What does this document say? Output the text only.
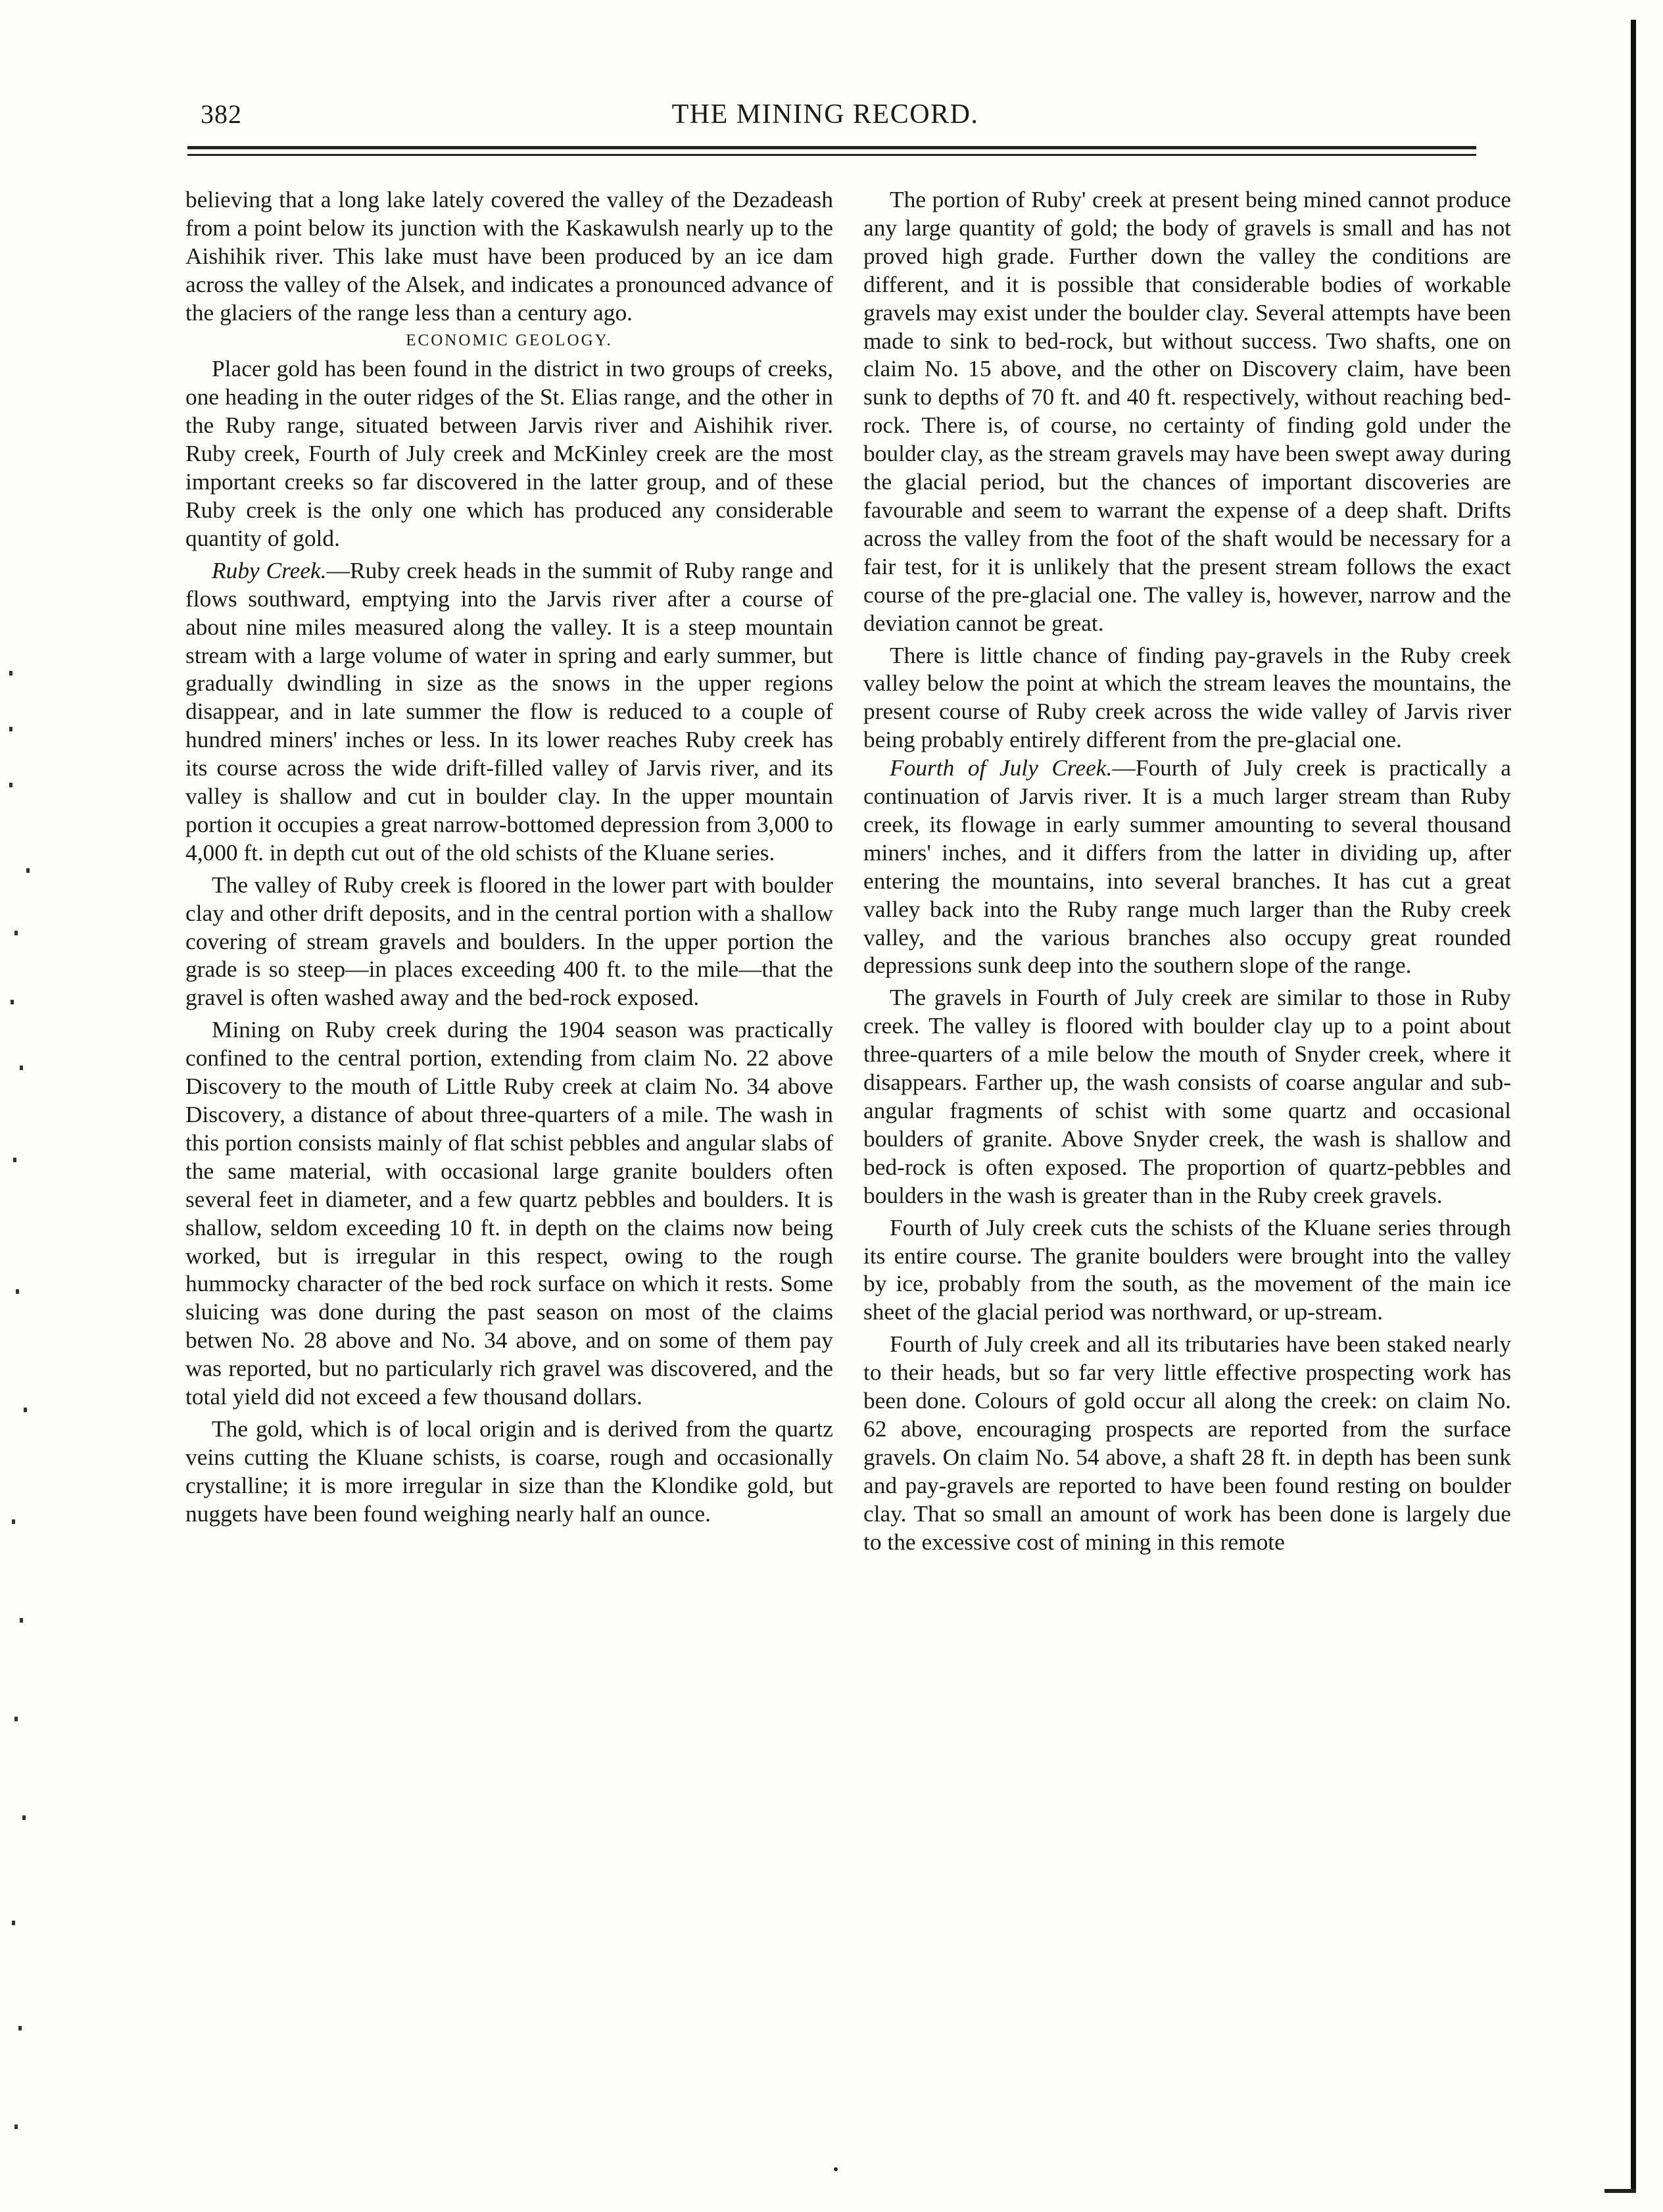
382	THE MINING RECORD.

believing that a long lake lately covered the valley of the Dezadeash from a point below its junction with the Kaskawulsh nearly up to the Aishihik river. This lake must have been produced by an ice dam across the valley of the Alsek, and indicates a pronounced advance of the glaciers of the range less than a century ago.

ECONOMIC GEOLOGY.

Placer gold has been found in the district in two groups of creeks, one heading in the outer ridges of the St. Elias range, and the other in the Ruby range, situated between Jarvis river and Aishihik river. Ruby creek, Fourth of July creek and McKinley creek are the most important creeks so far discovered in the latter group, and of these Ruby creek is the only one which has produced any considerable quantity of gold.

Ruby Creek.—Ruby creek heads in the summit of Ruby range and flows southward, emptying into the Jarvis river after a course of about nine miles measured along the valley. It is a steep mountain stream with a large volume of water in spring and early summer, but gradually dwindling in size as the snows in the upper regions disappear, and in late summer the flow is reduced to a couple of hundred miners' inches or less. In its lower reaches Ruby creek has its course across the wide drift-filled valley of Jarvis river, and its valley is shallow and cut in boulder clay. In the upper mountain portion it occupies a great narrow-bottomed depression from 3,000 to 4,000 ft. in depth cut out of the old schists of the Kluane series.

The valley of Ruby creek is floored in the lower part with boulder clay and other drift deposits, and in the central portion with a shallow covering of stream gravels and boulders. In the upper portion the grade is so steep—in places exceeding 400 ft. to the mile—that the gravel is often washed away and the bed-rock exposed.

Mining on Ruby creek during the 1904 season was practically confined to the central portion, extending from claim No. 22 above Discovery to the mouth of Little Ruby creek at claim No. 34 above Discovery, a distance of about three-quarters of a mile. The wash in this portion consists mainly of flat schist pebbles and angular slabs of the same material, with occasional large granite boulders often several feet in diameter, and a few quartz pebbles and boulders. It is shallow, seldom exceeding 10 ft. in depth on the claims now being worked, but is irregular in this respect, owing to the rough hummocky character of the bed rock surface on which it rests. Some sluicing was done during the past season on most of the claims betwen No. 28 above and No. 34 above, and on some of them pay was reported, but no particularly rich gravel was discovered, and the total yield did not exceed a few thousand dollars.

The gold, which is of local origin and is derived from the quartz veins cutting the Kluane schists, is coarse, rough and occasionally crystalline; it is more irregular in size than the Klondike gold, but nuggets have been found weighing nearly half an ounce.

The portion of Ruby' creek at present being mined cannot produce any large quantity of gold; the body of gravels is small and has not proved high grade. Further down the valley the conditions are different, and it is possible that considerable bodies of workable gravels may exist under the boulder clay. Several attempts have been made to sink to bed-rock, but without success. Two shafts, one on claim No. 15 above, and the other on Discovery claim, have been sunk to depths of 70 ft. and 40 ft. respectively, without reaching bed-rock. There is, of course, no certainty of finding gold under the boulder clay, as the stream gravels may have been swept away during the glacial period, but the chances of important discoveries are favourable and seem to warrant the expense of a deep shaft. Drifts across the valley from the foot of the shaft would be necessary for a fair test, for it is unlikely that the present stream follows the exact course of the pre-glacial one. The valley is, however, narrow and the deviation cannot be great.

There is little chance of finding pay-gravels in the Ruby creek valley below the point at which the stream leaves the mountains, the present course of Ruby creek across the wide valley of Jarvis river being probably entirely different from the pre-glacial one.

Fourth of July Creek.—Fourth of July creek is practically a continuation of Jarvis river. It is a much larger stream than Ruby creek, its flowage in early summer amounting to several thousand miners' inches, and it differs from the latter in dividing up, after entering the mountains, into several branches. It has cut a great valley back into the Ruby range much larger than the Ruby creek valley, and the various branches also occupy great rounded depressions sunk deep into the southern slope of the range.

The gravels in Fourth of July creek are similar to those in Ruby creek. The valley is floored with boulder clay up to a point about three-quarters of a mile below the mouth of Snyder creek, where it disappears. Farther up, the wash consists of coarse angular and sub-angular fragments of schist with some quartz and occasional boulders of granite. Above Snyder creek, the wash is shallow and bed-rock is often exposed. The proportion of quartz-pebbles and boulders in the wash is greater than in the Ruby creek gravels.

Fourth of July creek cuts the schists of the Kluane series through its entire course. The granite boulders were brought into the valley by ice, probably from the south, as the movement of the main ice sheet of the glacial period was northward, or up-stream.

Fourth of July creek and all its tributaries have been staked nearly to their heads, but so far very little effective prospecting work has been done. Colours of gold occur all along the creek: on claim No. 62 above, encouraging prospects are reported from the surface gravels. On claim No. 54 above, a shaft 28 ft. in depth has been sunk and pay-gravels are reported to have been found resting on boulder clay. That so small an amount of work has been done is largely due to the excessive cost of mining in this remote
